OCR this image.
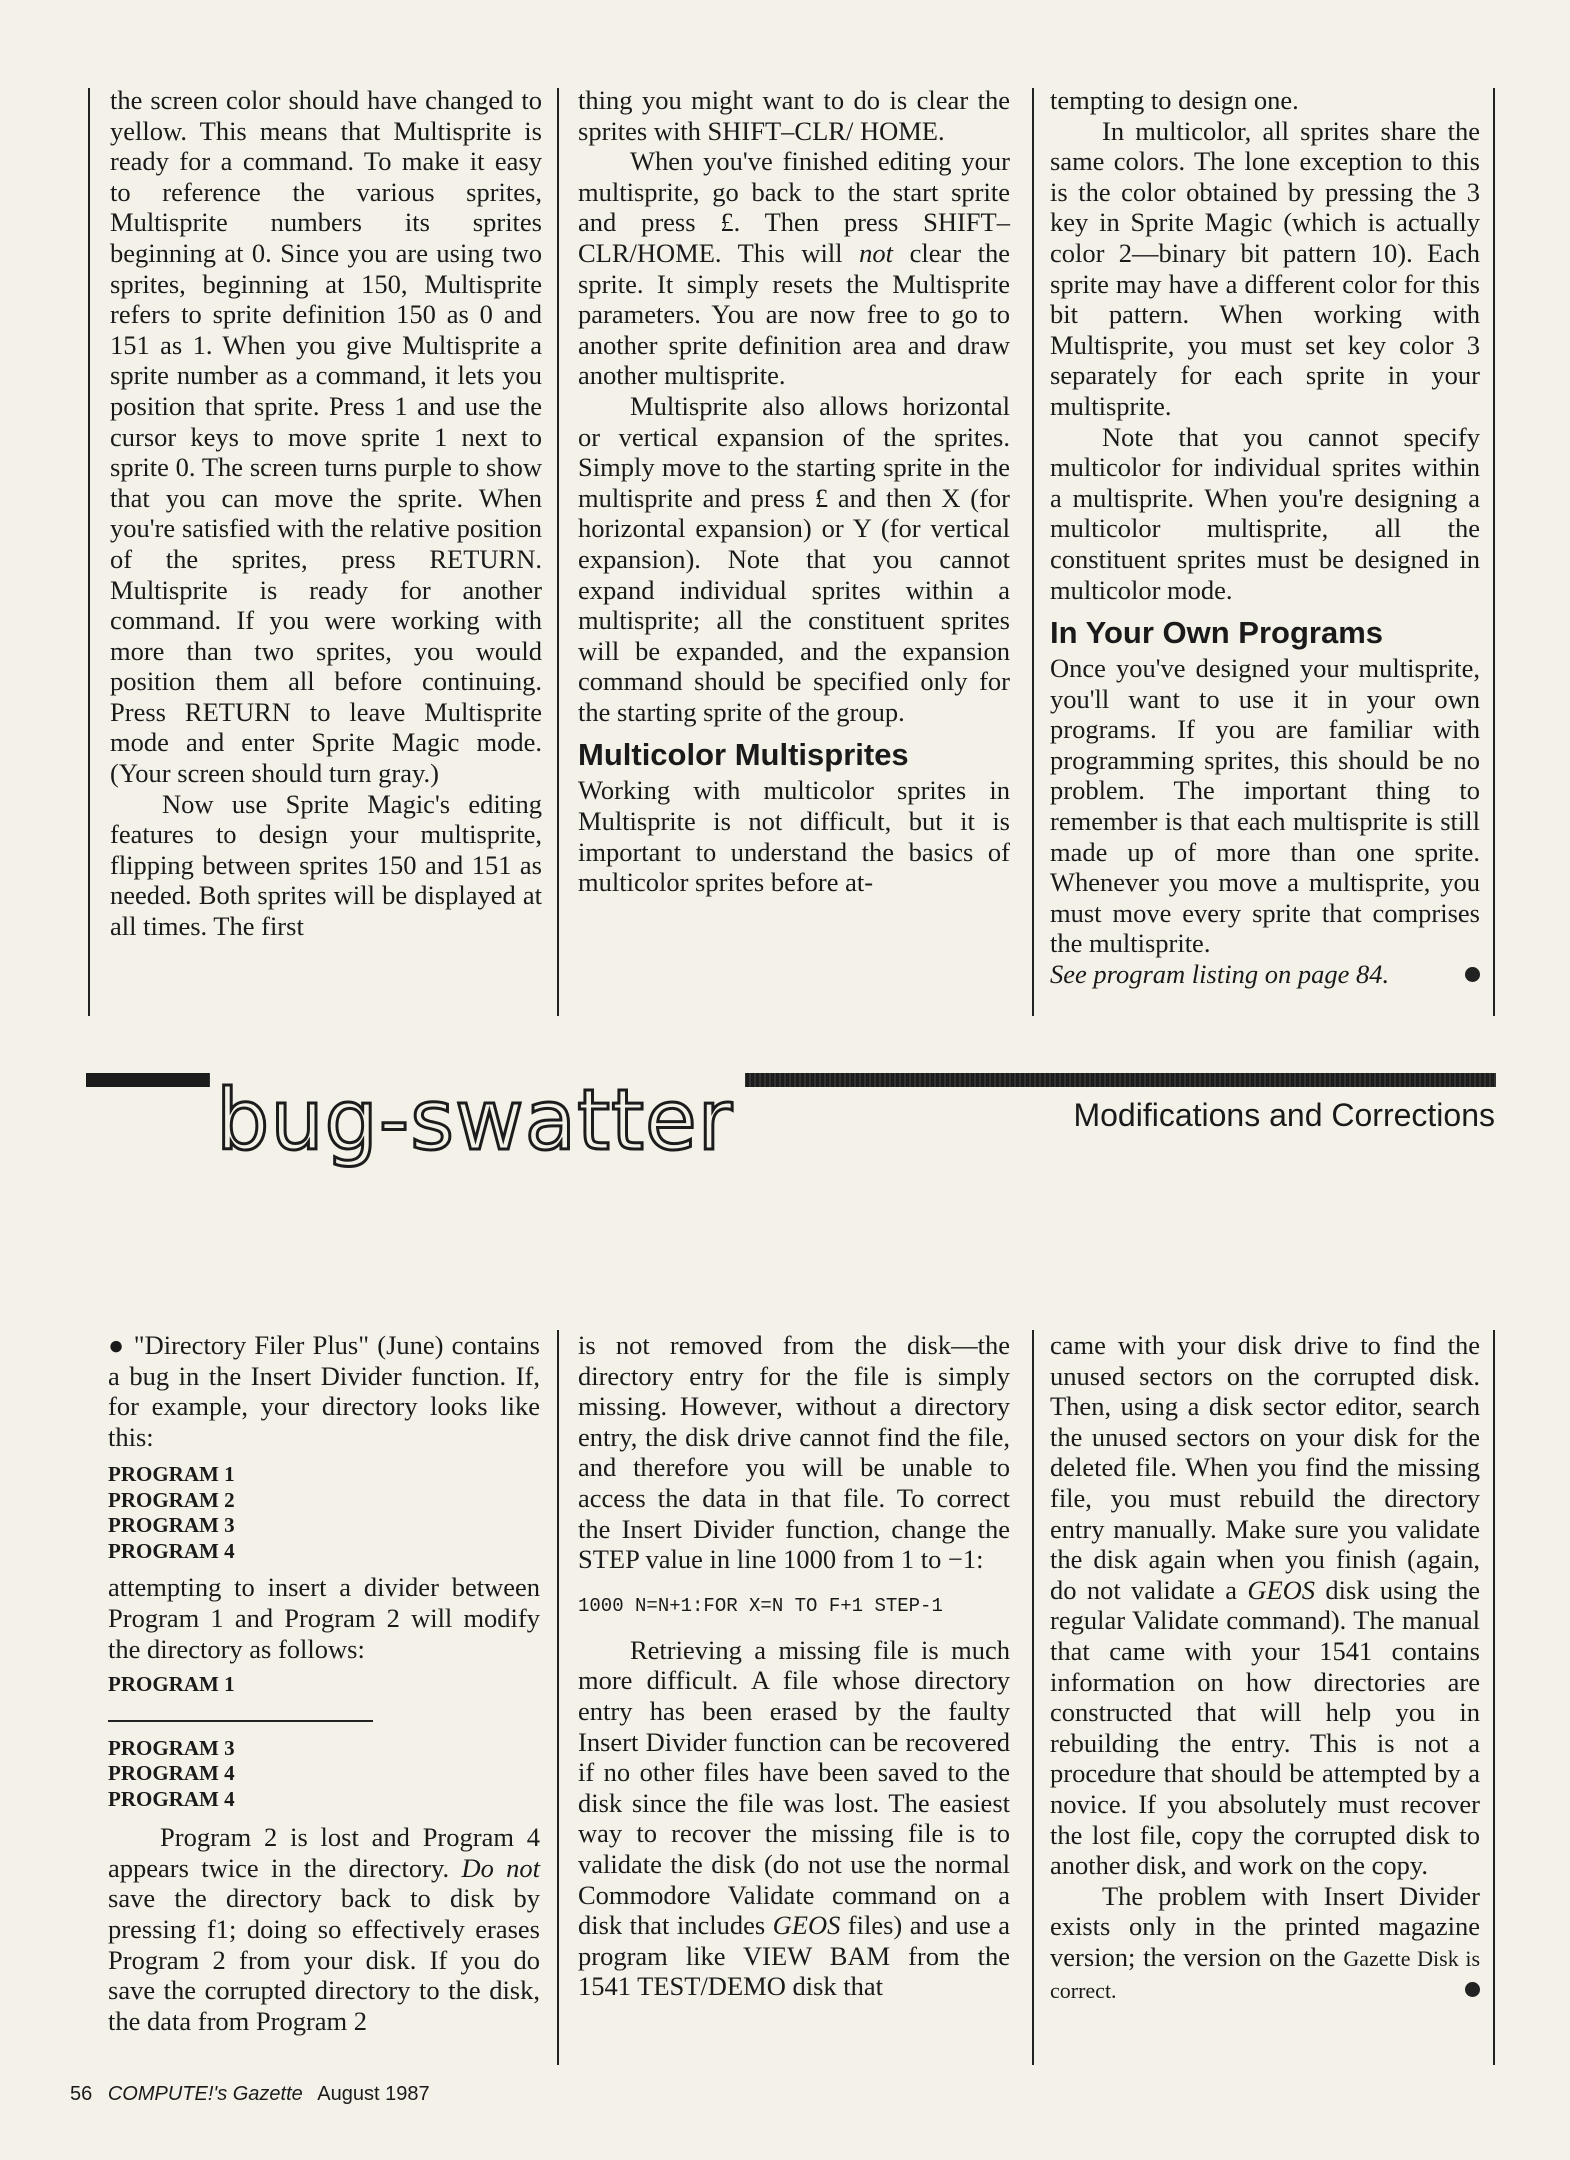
the screen color should have changed to yellow. This means that Multisprite is ready for a command. To make it easy to reference the various sprites, Multisprite numbers its sprites beginning at 0. Since you are using two sprites, beginning at 150, Multisprite refers to sprite definition 150 as 0 and 151 as 1. When you give Multisprite a sprite number as a command, it lets you position that sprite. Press 1 and use the cursor keys to move sprite 1 next to sprite 0. The screen turns purple to show that you can move the sprite. When you're satisfied with the relative position of the sprites, press RETURN. Multisprite is ready for another command. If you were working with more than two sprites, you would position them all before continuing. Press RETURN to leave Multisprite mode and enter Sprite Magic mode. (Your screen should turn gray.)

Now use Sprite Magic's editing features to design your multisprite, flipping between sprites 150 and 151 as needed. Both sprites will be displayed at all times. The first

thing you might want to do is clear the sprites with SHIFT–CLR/ HOME.

When you've finished editing your multisprite, go back to the start sprite and press £. Then press SHIFT–CLR/HOME. This will not clear the sprite. It simply resets the Multisprite parameters. You are now free to go to another sprite definition area and draw another multisprite.

Multisprite also allows horizontal or vertical expansion of the sprites. Simply move to the starting sprite in the multisprite and press £ and then X (for horizontal expansion) or Y (for vertical expansion). Note that you cannot expand individual sprites within a multisprite; all the constituent sprites will be expanded, and the expansion command should be specified only for the starting sprite of the group.

Multicolor Multisprites

Working with multicolor sprites in Multisprite is not difficult, but it is important to understand the basics of multicolor sprites before at-

tempting to design one.

In multicolor, all sprites share the same colors. The lone exception to this is the color obtained by pressing the 3 key in Sprite Magic (which is actually color 2—binary bit pattern 10). Each sprite may have a different color for this bit pattern. When working with Multisprite, you must set key color 3 separately for each sprite in your multisprite.

Note that you cannot specify multicolor for individual sprites within a multisprite. When you're designing a multicolor multisprite, all the constituent sprites must be designed in multicolor mode.

In Your Own Programs

Once you've designed your multisprite, you'll want to use it in your own programs. If you are familiar with programming sprites, this should be no problem. The important thing to remember is that each multisprite is still made up of more than one sprite. Whenever you move a multisprite, you must move every sprite that comprises the multisprite.

See program listing on page 84.

bug-swatter	Modifications and Corrections

● "Directory Filer Plus" (June) contains a bug in the Insert Divider function. If, for example, your directory looks like this:

PROGRAM 1
PROGRAM 2
PROGRAM 3
PROGRAM 4

attempting to insert a divider between Program 1 and Program 2 will modify the directory as follows:

PROGRAM 1
PROGRAM 3
PROGRAM 4
PROGRAM 4

Program 2 is lost and Program 4 appears twice in the directory. Do not save the directory back to disk by pressing f1; doing so effectively erases Program 2 from your disk. If you do save the corrupted directory to the disk, the data from Program 2

is not removed from the disk—the directory entry for the file is simply missing. However, without a directory entry, the disk drive cannot find the file, and therefore you will be unable to access the data in that file. To correct the Insert Divider function, change the STEP value in line 1000 from 1 to −1:

1000 N=N+1:FOR X=N TO F+1 STEP-1

Retrieving a missing file is much more difficult. A file whose directory entry has been erased by the faulty Insert Divider function can be recovered if no other files have been saved to the disk since the file was lost. The easiest way to recover the missing file is to validate the disk (do not use the normal Commodore Validate command on a disk that includes GEOS files) and use a program like VIEW BAM from the 1541 TEST/DEMO disk that

came with your disk drive to find the unused sectors on the corrupted disk. Then, using a disk sector editor, search the unused sectors on your disk for the deleted file. When you find the missing file, you must rebuild the directory entry manually. Make sure you validate the disk again when you finish (again, do not validate a GEOS disk using the regular Validate command). The manual that came with your 1541 contains information on how directories are constructed that will help you in rebuilding the entry. This is not a procedure that should be attempted by a novice. If you absolutely must recover the lost file, copy the corrupted disk to another disk, and work on the copy.

The problem with Insert Divider exists only in the printed magazine version; the version on the Gazette Disk is correct.

56 COMPUTE!'s Gazette August 1987
